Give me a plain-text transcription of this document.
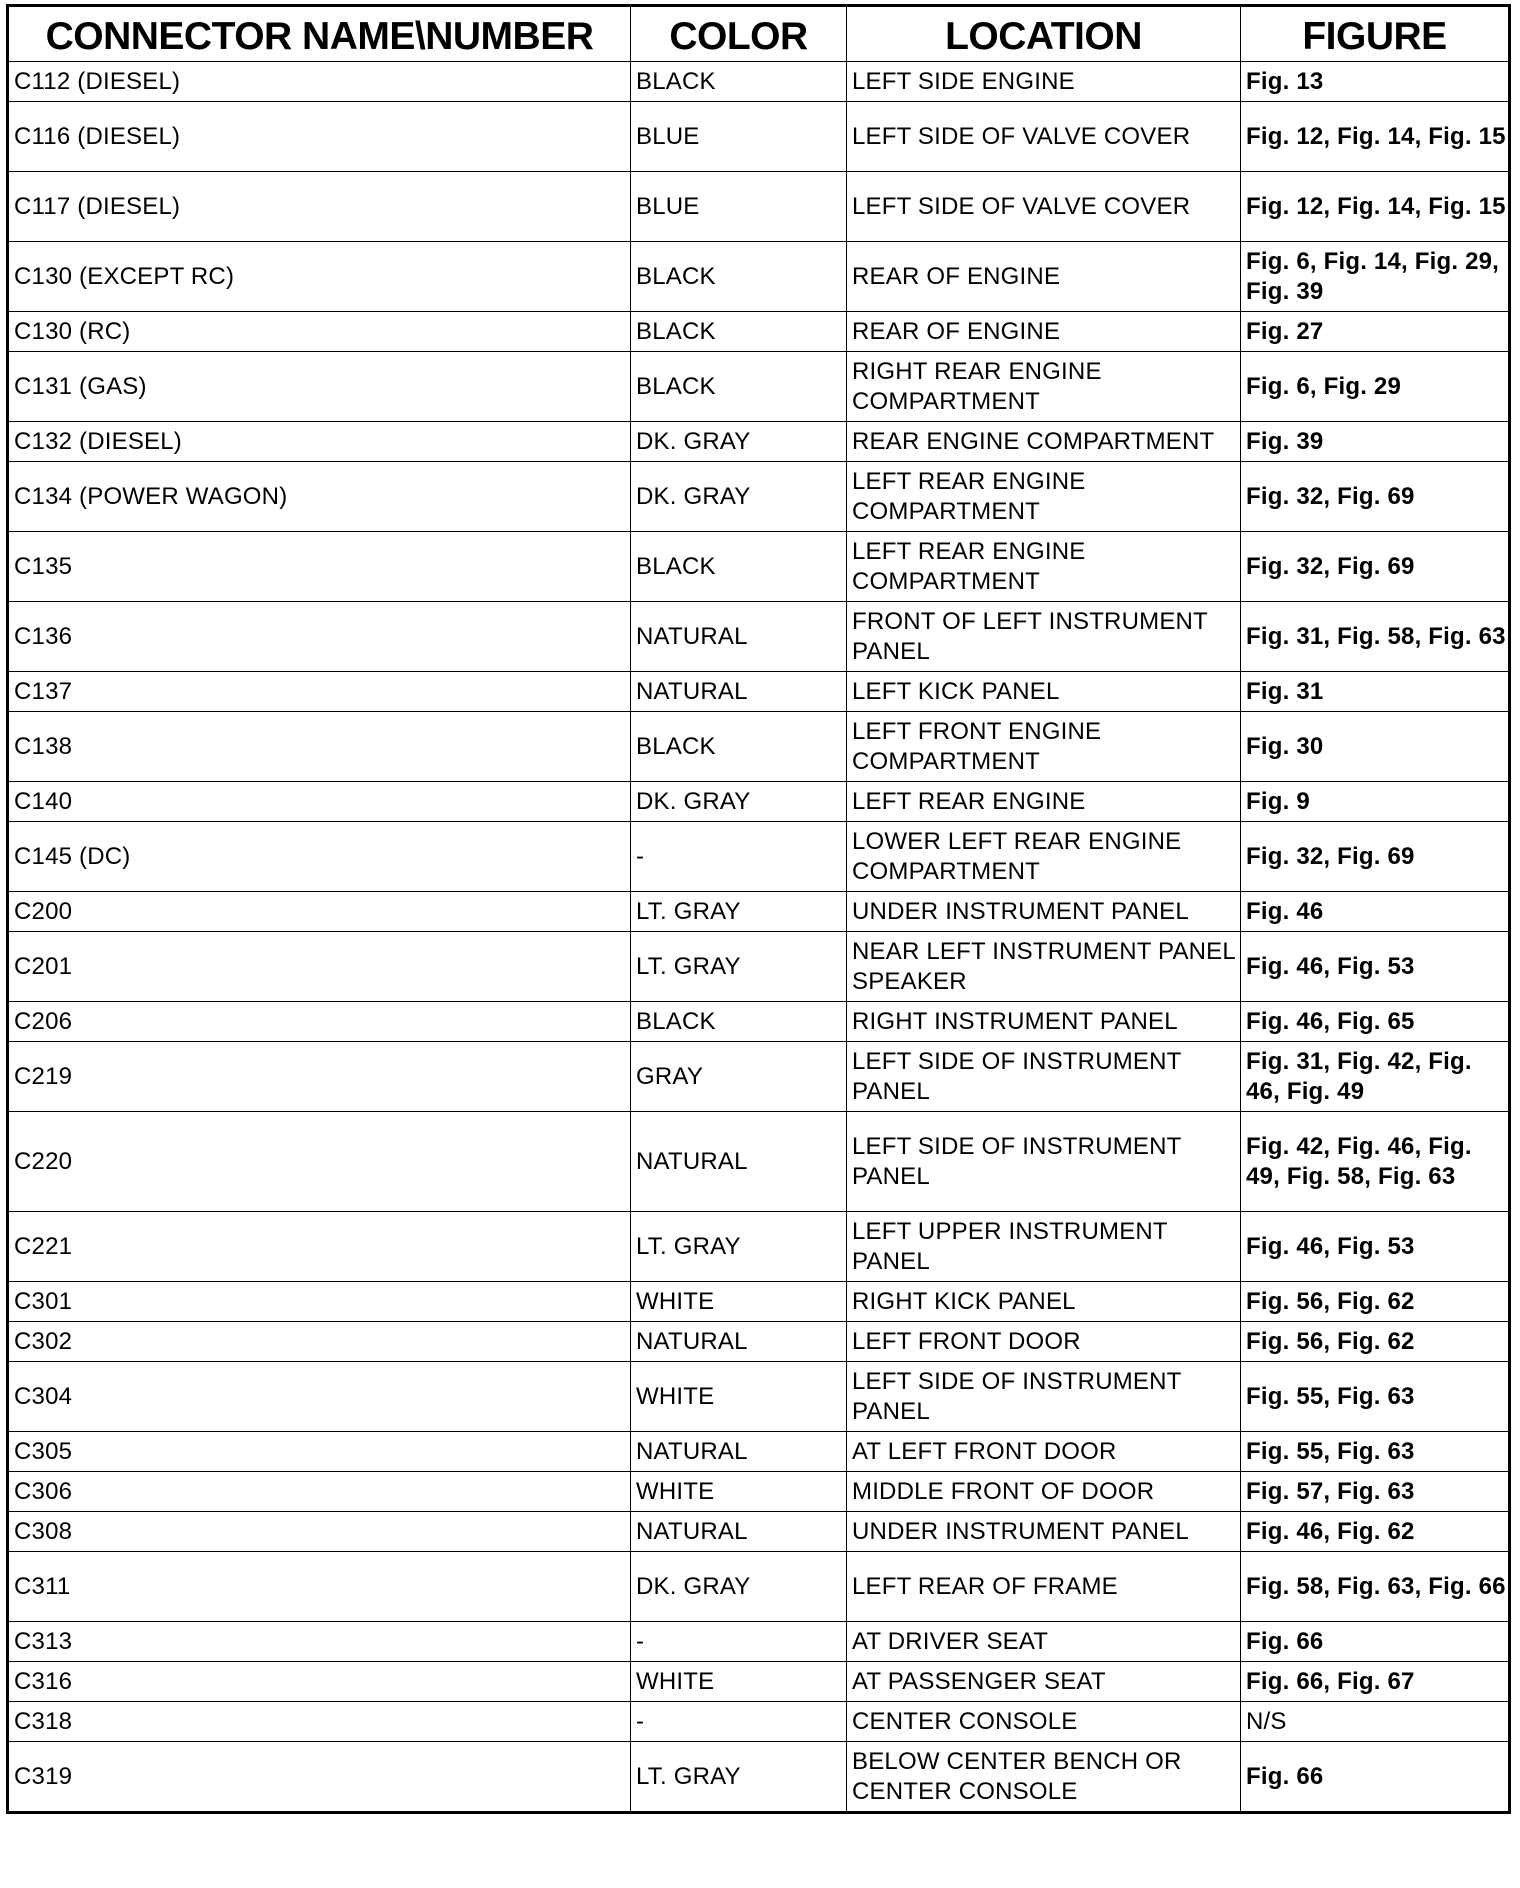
CONNECTOR NAME\NUMBER	COLOR	LOCATION	FIGURE
C112 (DIESEL)	BLACK	LEFT SIDE ENGINE	Fig. 13
C116 (DIESEL)	BLUE	LEFT SIDE OF VALVE COVER	Fig. 12, Fig. 14, Fig. 15
C117 (DIESEL)	BLUE	LEFT SIDE OF VALVE COVER	Fig. 12, Fig. 14, Fig. 15
C130 (EXCEPT RC)	BLACK	REAR OF ENGINE	Fig. 6, Fig. 14, Fig. 29, Fig. 39
C130 (RC)	BLACK	REAR OF ENGINE	Fig. 27
C131 (GAS)	BLACK	RIGHT REAR ENGINE COMPARTMENT	Fig. 6, Fig. 29
C132 (DIESEL)	DK. GRAY	REAR ENGINE COMPARTMENT	Fig. 39
C134 (POWER WAGON)	DK. GRAY	LEFT REAR ENGINE COMPARTMENT	Fig. 32, Fig. 69
C135	BLACK	LEFT REAR ENGINE COMPARTMENT	Fig. 32, Fig. 69
C136	NATURAL	FRONT OF LEFT INSTRUMENT PANEL	Fig. 31, Fig. 58, Fig. 63
C137	NATURAL	LEFT KICK PANEL	Fig. 31
C138	BLACK	LEFT FRONT ENGINE COMPARTMENT	Fig. 30
C140	DK. GRAY	LEFT REAR ENGINE	Fig. 9
C145 (DC)	-	LOWER LEFT REAR ENGINE COMPARTMENT	Fig. 32, Fig. 69
C200	LT. GRAY	UNDER INSTRUMENT PANEL	Fig. 46
C201	LT. GRAY	NEAR LEFT INSTRUMENT PANEL SPEAKER	Fig. 46, Fig. 53
C206	BLACK	RIGHT INSTRUMENT PANEL	Fig. 46, Fig. 65
C219	GRAY	LEFT SIDE OF INSTRUMENT PANEL	Fig. 31, Fig. 42, Fig. 46, Fig. 49
C220	NATURAL	LEFT SIDE OF INSTRUMENT PANEL	Fig. 42, Fig. 46, Fig. 49, Fig. 58, Fig. 63
C221	LT. GRAY	LEFT UPPER INSTRUMENT PANEL	Fig. 46, Fig. 53
C301	WHITE	RIGHT KICK PANEL	Fig. 56, Fig. 62
C302	NATURAL	LEFT FRONT DOOR	Fig. 56, Fig. 62
C304	WHITE	LEFT SIDE OF INSTRUMENT PANEL	Fig. 55, Fig. 63
C305	NATURAL	AT LEFT FRONT DOOR	Fig. 55, Fig. 63
C306	WHITE	MIDDLE FRONT OF DOOR	Fig. 57, Fig. 63
C308	NATURAL	UNDER INSTRUMENT PANEL	Fig. 46, Fig. 62
C311	DK. GRAY	LEFT REAR OF FRAME	Fig. 58, Fig. 63, Fig. 66
C313	-	AT DRIVER SEAT	Fig. 66
C316	WHITE	AT PASSENGER SEAT	Fig. 66, Fig. 67
C318	-	CENTER CONSOLE	N/S
C319	LT. GRAY	BELOW CENTER BENCH OR CENTER CONSOLE	Fig. 66
